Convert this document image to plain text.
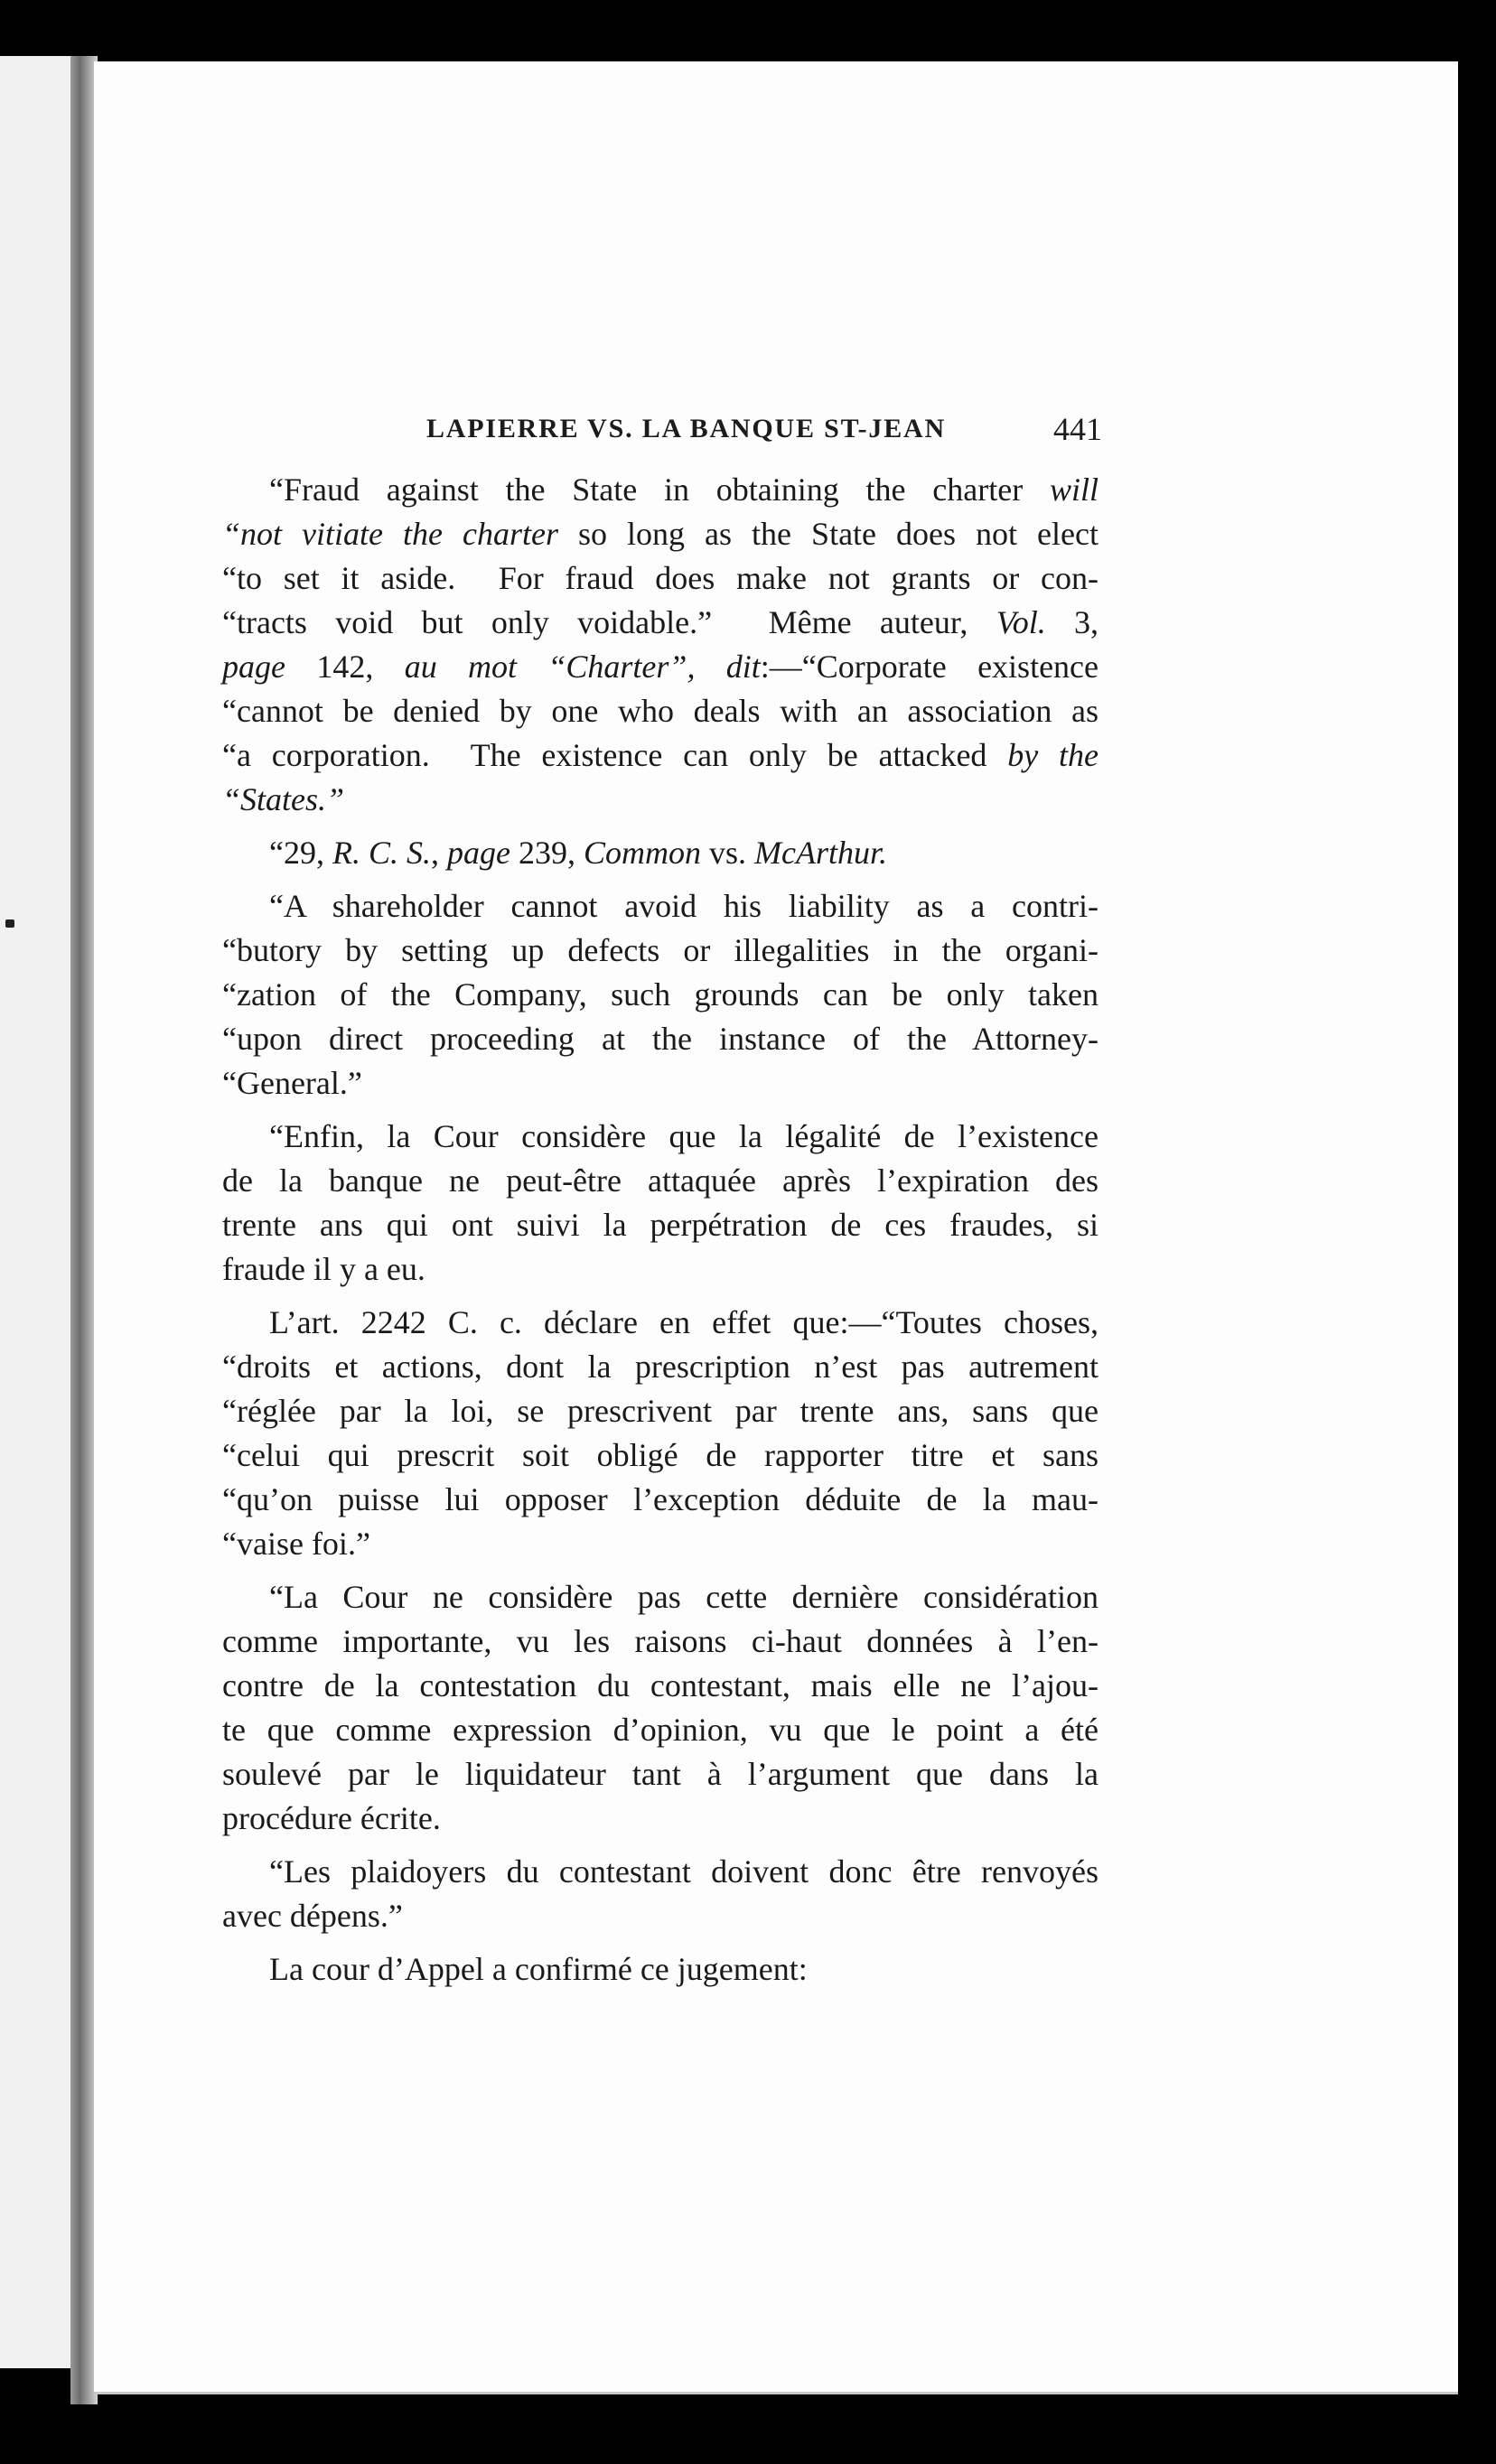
LAPIERRE VS. LA BANQUE ST-JEAN	441
“Fraud against the State in obtaining the charter will
“not vitiate the charter so long as the State does not elect
“to set it aside.  For fraud does make not grants or con-
“tracts void but only voidable.”  Même auteur, Vol. 3,
page 142, au mot “Charter”, dit:—“Corporate existence
“cannot be denied by one who deals with an association as
“a corporation.  The existence can only be attacked by the
“States.”
“29, R. C. S., page 239, Common vs. McArthur.
“A shareholder cannot avoid his liability as a contri-
“butory by setting up defects or illegalities in the organi-
“zation of the Company, such grounds can be only taken
“upon direct proceeding at the instance of the Attorney-
“General.”
“Enfin, la Cour considère que la légalité de l’existence
de la banque ne peut-être attaquée après l’expiration des
trente ans qui ont suivi la perpétration de ces fraudes, si
fraude il y a eu.
L’art. 2242 C. c. déclare en effet que:—“Toutes choses,
“droits et actions, dont la prescription n’est pas autrement
“réglée par la loi, se prescrivent par trente ans, sans que
“celui qui prescrit soit obligé de rapporter titre et sans
“qu’on puisse lui opposer l’exception déduite de la mau-
“vaise foi.”
“La Cour ne considère pas cette dernière considération
comme importante, vu les raisons ci-haut données à l’en-
contre de la contestation du contestant, mais elle ne l’ajou-
te que comme expression d’opinion, vu que le point a été
soulevé par le liquidateur tant à l’argument que dans la
procédure écrite.
“Les plaidoyers du contestant doivent donc être renvoyés
avec dépens.”
La cour d’Appel a confirmé ce jugement:
